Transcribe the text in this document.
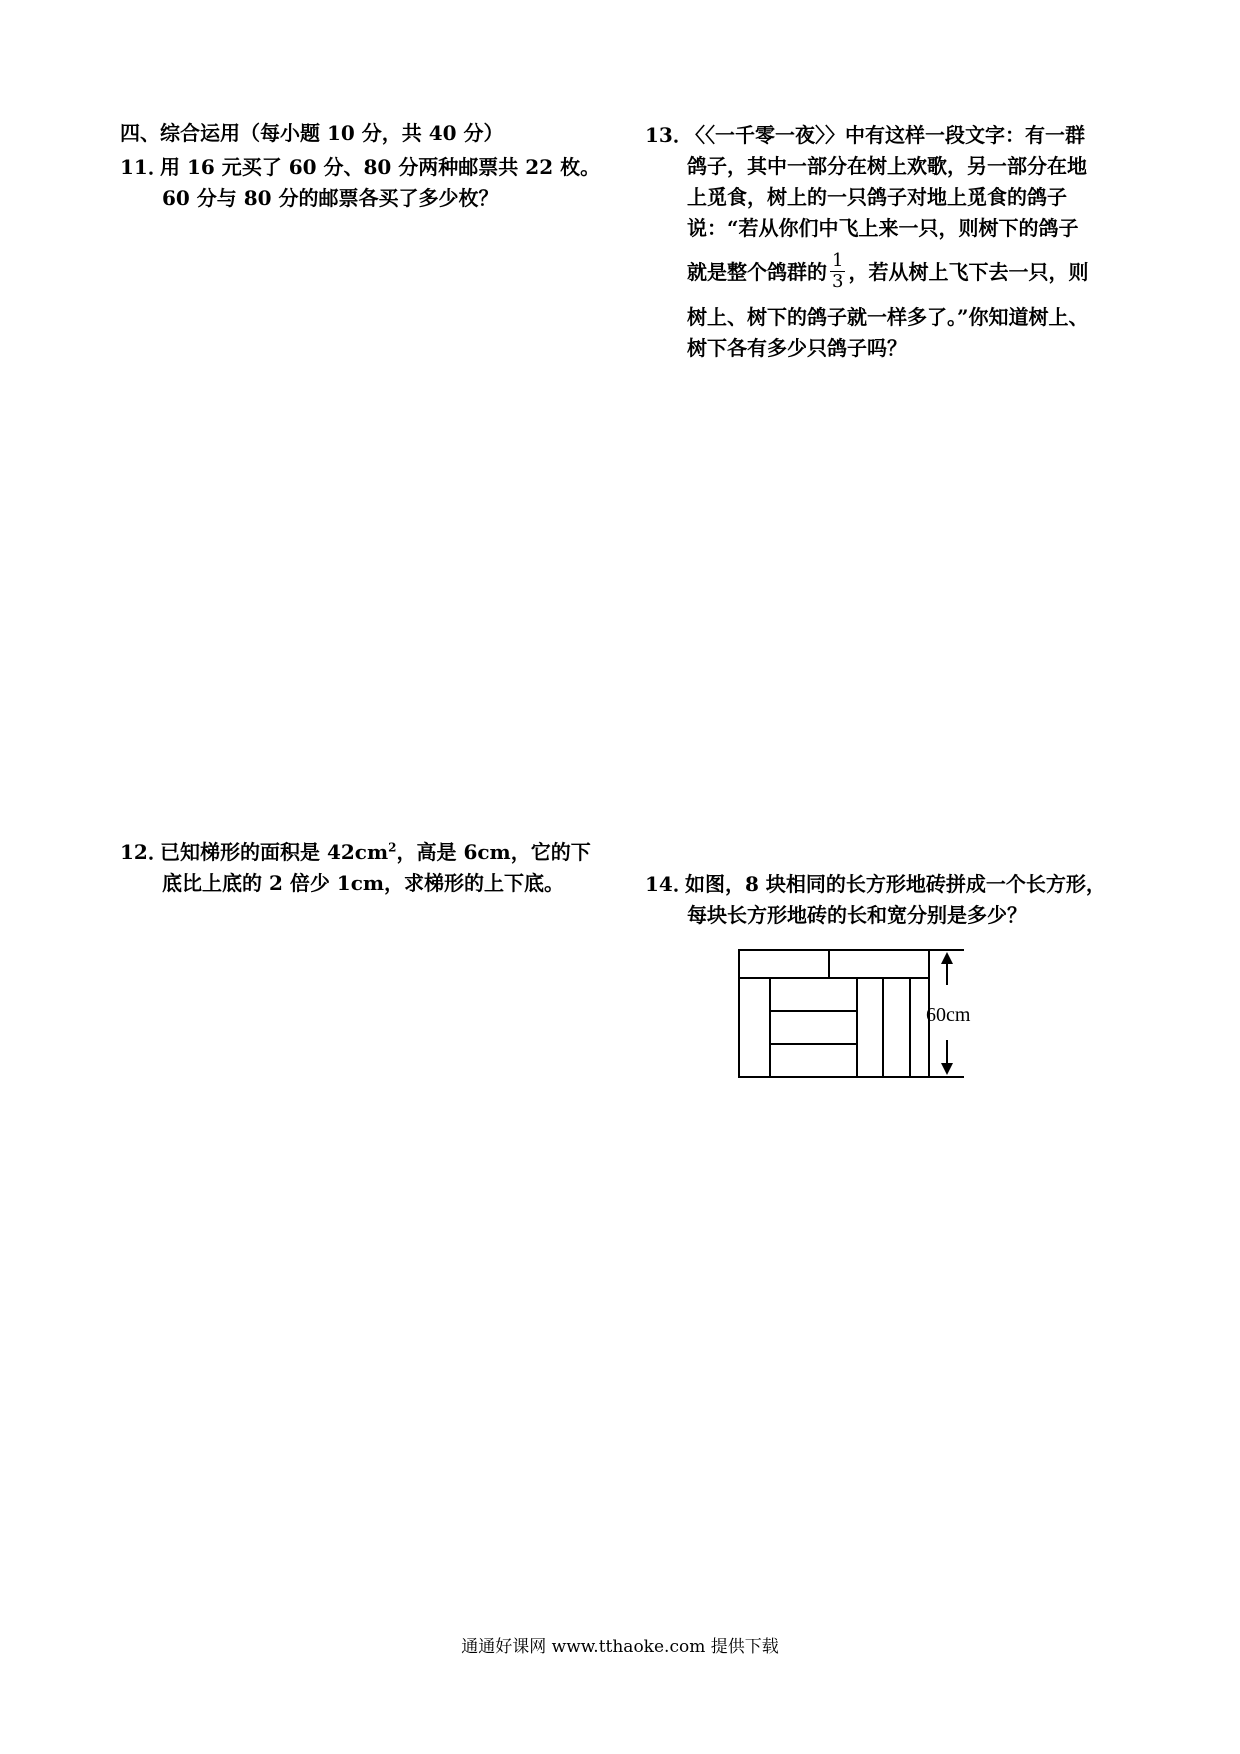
四、综合运用（每小题 10 分，共 40 分）
11．用 16 元买了 60 分、80 分两种邮票共 22 枚。
60 分与 80 分的邮票各买了多少枚？
12．已知梯形的面积是 $42cm^2$，高是 6cm，它的下
底比上底的 2 倍少 1cm，求梯形的上下底。
13．〈〈一千零一夜〉〉中有这样一段文字：有一群
鸽子，其中一部分在树上欢歌，另一部分在地
上觅食，树上的一只鸽子对地上觅食的鸽子
说：“若从你们中飞上来一只，则树下的鸽子
就是整个鸽群的 $\frac{1}{3}$ ，若从树上飞下去一只，则
树上、树下的鸽子就一样多了。”你知道树上、
树下各有多少只鸽子吗？
14．如图，8 块相同的长方形地砖拼成一个长方形，
每块长方形地砖的长和宽分别是多少？
60cm
通通好课网 www.tthaoke.com 提供下载
